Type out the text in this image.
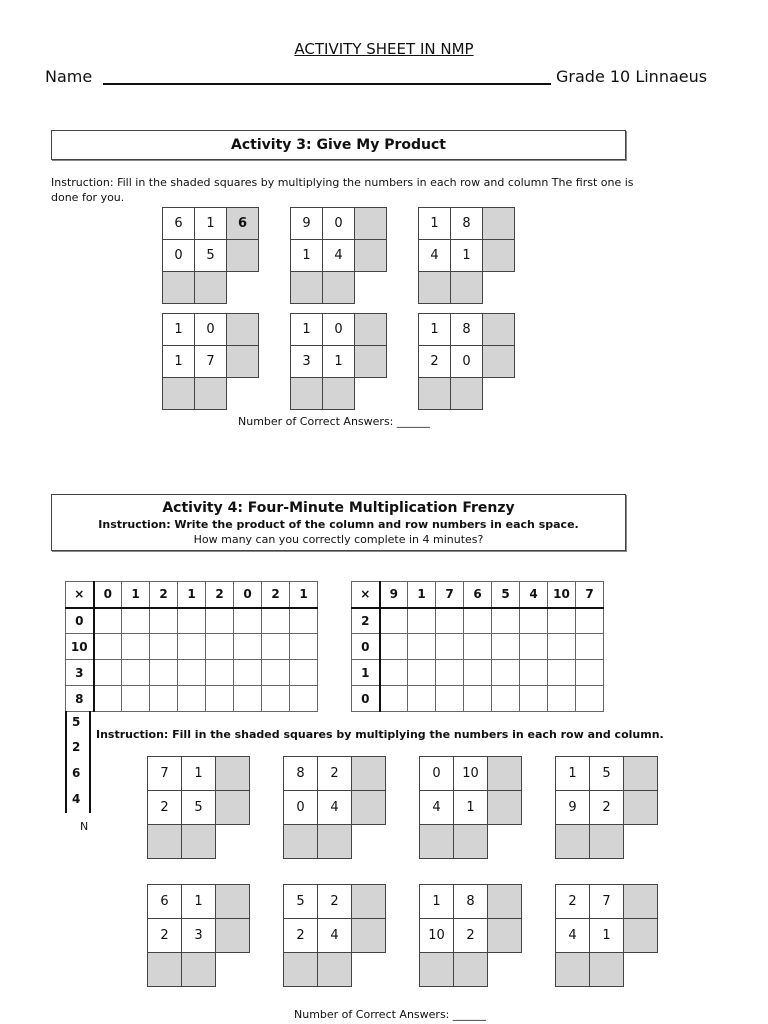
ACTIVITY SHEET IN NMP
Name	Grade 10 Linnaeus
Activity 3: Give My Product
Instruction: Fill in the shaded squares by multiplying the numbers in each row and column The first one is done for you.
6	1	6
0	5
9	0
1	4
1	8
4	1
1	0
1	7
1	0
3	1
1	8
2	0
Number of Correct Answers: ______
Activity 4: Four-Minute Multiplication Frenzy
Instruction: Write the product of the column and row numbers in each space.
How many can you correctly complete in 4 minutes?
×	0	1	2	1	2	0	2	1
0								
10								
3								
8								
5
2
6
4
×	9	1	7	6	5	4	10	7
2								
0								
1								
0								
Instruction: Fill in the shaded squares by multiplying the numbers in each row and column.
N
7	1
2	5
8	2
0	4
0	10
4	1
1	5
9	2
6	1
2	3
5	2
2	4
1	8
10	2
2	7
4	1
Number of Correct Answers: ______
